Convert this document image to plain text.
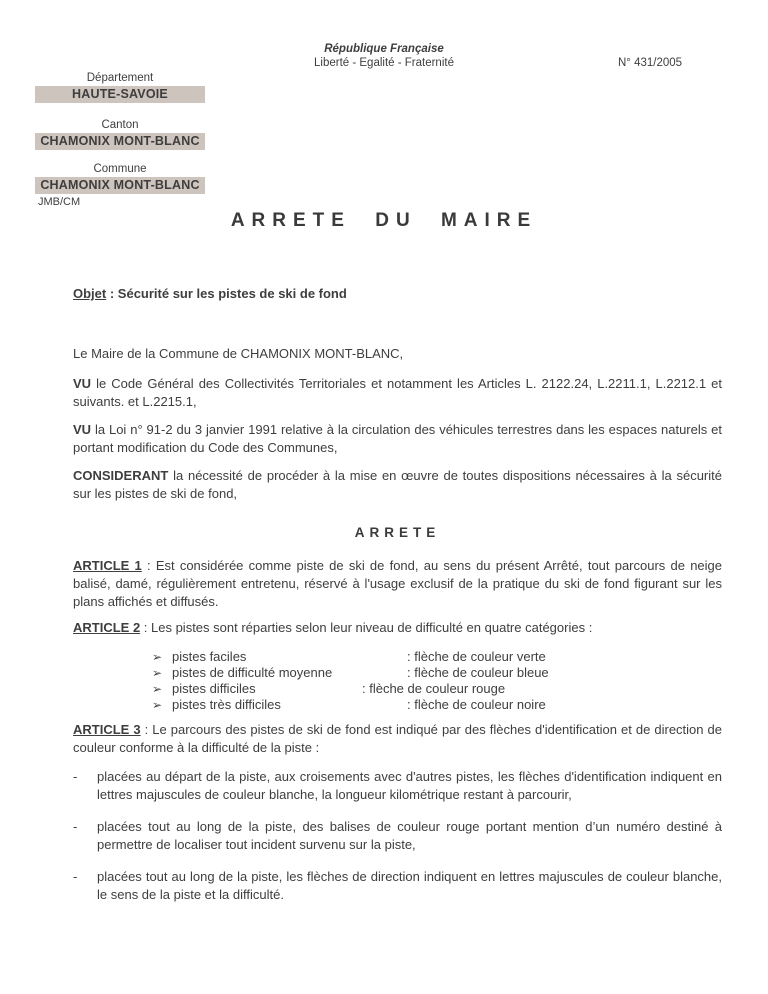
République Française
Liberté - Egalité - Fraternité	N° 431/2005
Département
HAUTE-SAVOIE
Canton
CHAMONIX MONT-BLANC
Commune
CHAMONIX MONT-BLANC
JMB/CM
ARRETE DU MAIRE

Objet : Sécurité sur les pistes de ski de fond

Le Maire de la Commune de CHAMONIX MONT-BLANC,

VU le Code Général des Collectivités Territoriales et notamment les Articles L. 2122.24, L.2211.1, L.2212.1 et suivants. et L.2215.1,

VU la Loi n° 91-2 du 3 janvier 1991 relative à la circulation des véhicules terrestres dans les espaces naturels et portant modification du Code des Communes,

CONSIDERANT la nécessité de procéder à la mise en œuvre de toutes dispositions nécessaires à la sécurité sur les pistes de ski de fond,

ARRETE

ARTICLE 1 : Est considérée comme piste de ski de fond, au sens du présent Arrêté, tout parcours de neige balisé, damé, régulièrement entretenu, réservé à l'usage exclusif de la pratique du ski de fond figurant sur les plans affichés et diffusés.

ARTICLE 2 : Les pistes sont réparties selon leur niveau de difficulté en quatre catégories :

➢ pistes faciles	: flèche de couleur verte
➢ pistes de difficulté moyenne	: flèche de couleur bleue
➢ pistes difficiles	: flèche de couleur rouge
➢ pistes très difficiles	: flèche de couleur noire

ARTICLE 3 : Le parcours des pistes de ski de fond est indiqué par des flèches d'identification et de direction de couleur conforme à la difficulté de la piste :

-	placées au départ de la piste, aux croisements avec d'autres pistes, les flèches d'identification indiquent en lettres majuscules de couleur blanche, la longueur kilométrique restant à parcourir,
-	placées tout au long de la piste, des balises de couleur rouge portant mention d’un numéro destiné à permettre de localiser tout incident survenu sur la piste,
-	placées tout au long de la piste, les flèches de direction indiquent en lettres majuscules de couleur blanche, le sens de la piste et la difficulté.
